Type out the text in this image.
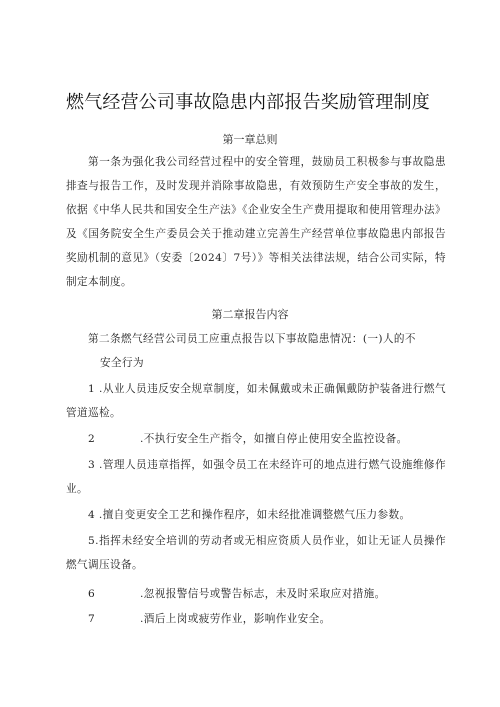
燃气经营公司事故隐患内部报告奖励管理制度
第一章总则
第一条为强化我公司经营过程中的安全管理，鼓励员工积极参与事故隐患排查与报告工作，及时发现并消除事故隐患，有效预防生产安全事故的发生，依据《中华人民共和国安全生产法》《企业安全生产费用提取和使用管理办法》及《国务院安全生产委员会关于推动建立完善生产经营单位事故隐患内部报告奖励机制的意见》（安委〔2024〕7号）》等相关法律法规，结合公司实际，特制定本制度。
第二章报告内容
第二条燃气经营公司员工应重点报告以下事故隐患情况：(一)人的不
安全行为
1 .从业人员违反安全规章制度，如未佩戴或未正确佩戴防护装备进行燃气管道巡检。
2	.不执行安全生产指令，如擅自停止使用安全监控设备。
3 .管理人员违章指挥，如强令员工在未经许可的地点进行燃气设施维修作业。
4 .擅自变更安全工艺和操作程序，如未经批准调整燃气压力参数。
5.指挥未经安全培训的劳动者或无相应资质人员作业，如让无证人员操作燃气调压设备。
6	.忽视报警信号或警告标志，未及时采取应对措施。
7	.酒后上岗或疲劳作业，影响作业安全。
